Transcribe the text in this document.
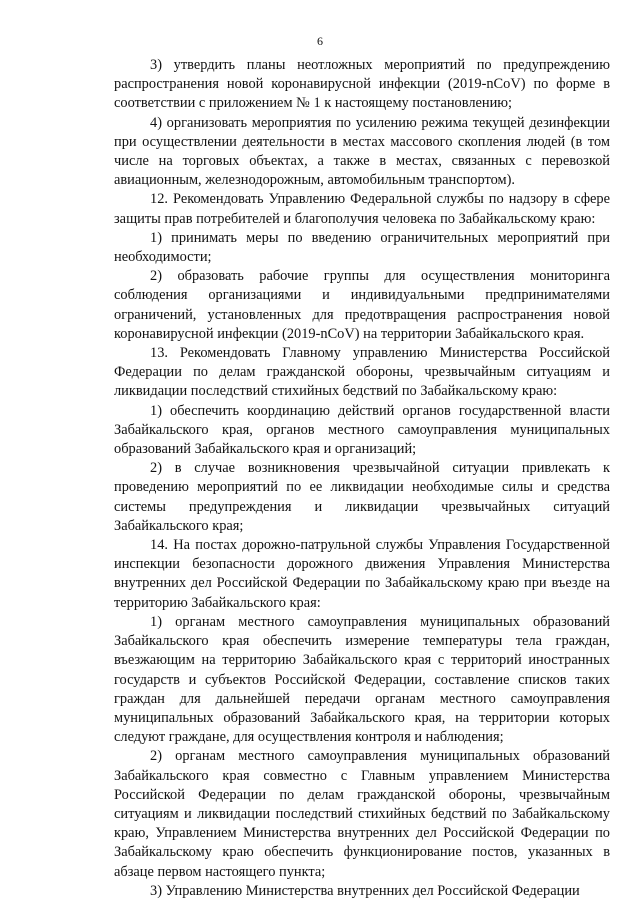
6

3) утвердить планы неотложных мероприятий по предупреждению распространения новой коронавирусной инфекции (2019-nCoV) по форме в соответствии с приложением № 1 к настоящему постановлению;

4) организовать мероприятия по усилению режима текущей дезинфекции при осуществлении деятельности в местах массового скопления людей (в том числе на торговых объектах, а также в местах, связанных с перевозкой авиационным, железнодорожным, автомобильным транспортом).

12. Рекомендовать Управлению Федеральной службы по надзору в сфере защиты прав потребителей и благополучия человека по Забайкальскому краю:

1) принимать меры по введению ограничительных мероприятий при необходимости;

2) образовать рабочие группы для осуществления мониторинга соблюдения организациями и индивидуальными предпринимателями ограничений, установленных для предотвращения распространения новой коронавирусной инфекции (2019-nCoV) на территории Забайкальского края.

13. Рекомендовать Главному управлению Министерства Российской Федерации по делам гражданской обороны, чрезвычайным ситуациям и ликвидации последствий стихийных бедствий по Забайкальскому краю:

1) обеспечить координацию действий органов государственной власти Забайкальского края, органов местного самоуправления муниципальных образований Забайкальского края и организаций;

2) в случае возникновения чрезвычайной ситуации привлекать к проведению мероприятий по ее ликвидации необходимые силы и средства системы предупреждения и ликвидации чрезвычайных ситуаций Забайкальского края;

14. На постах дорожно-патрульной службы Управления Государственной инспекции безопасности дорожного движения Управления Министерства внутренних дел Российской Федерации по Забайкальскому краю при въезде на территорию Забайкальского края:

1) органам местного самоуправления муниципальных образований Забайкальского края обеспечить измерение температуры тела граждан, въезжающим на территорию Забайкальского края с территорий иностранных государств и субъектов Российской Федерации, составление списков таких граждан для дальнейшей передачи органам местного самоуправления муниципальных образований Забайкальского края, на территории которых следуют граждане, для осуществления контроля и наблюдения;

2) органам местного самоуправления муниципальных образований Забайкальского края совместно с Главным управлением Министерства Российской Федерации по делам гражданской обороны, чрезвычайным ситуациям и ликвидации последствий стихийных бедствий по Забайкальскому краю, Управлением Министерства внутренних дел Российской Федерации по Забайкальскому краю обеспечить функционирование постов, указанных в абзаце первом настоящего пункта;

3) Управлению Министерства внутренних дел Российской Федерации
